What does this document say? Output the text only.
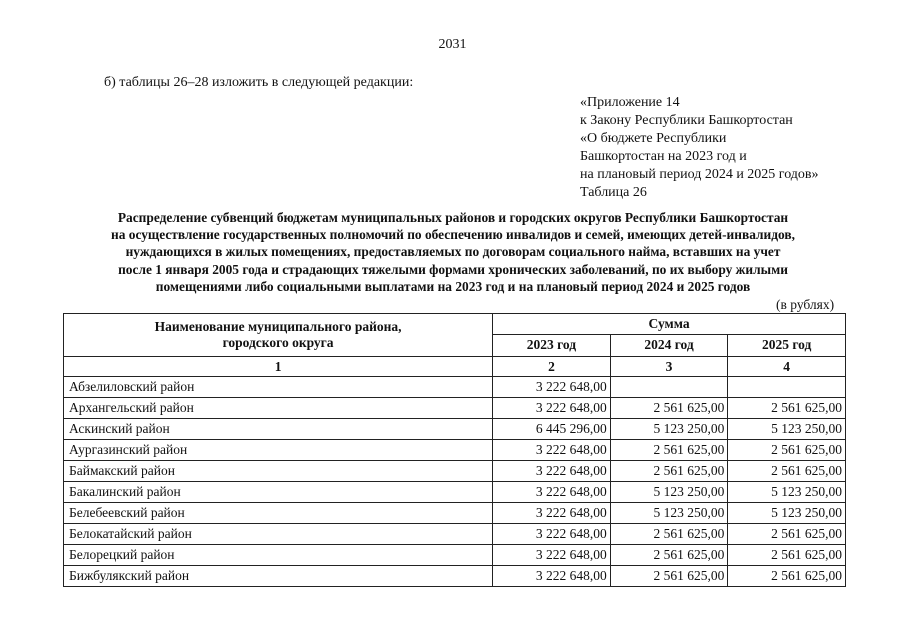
2031
б) таблицы 26–28 изложить в следующей редакции:
«Приложение 14
к Закону Республики Башкортостан
«О бюджете Республики
Башкортостан на 2023 год и
на плановый период 2024 и 2025 годов»
Таблица 26
Распределение субвенций бюджетам муниципальных районов и городских округов Республики Башкортостан
на осуществление государственных полномочий по обеспечению инвалидов и семей, имеющих детей-инвалидов,
нуждающихся в жилых помещениях, предоставляемых по договорам социального найма, вставших на учет
после 1 января 2005 года и страдающих тяжелыми формами хронических заболеваний, по их выбору жилыми
помещениями либо социальными выплатами на 2023 год и на плановый период 2024 и 2025 годов
(в рублях)
Наименование муниципального района,
городского округа	Сумма		
	2023 год	2024 год	2025 год
1	2	3	4
Абзелиловский район	3 222 648,00		
Архангельский район	3 222 648,00	2 561 625,00	2 561 625,00
Аскинский район	6 445 296,00	5 123 250,00	5 123 250,00
Аургазинский район	3 222 648,00	2 561 625,00	2 561 625,00
Баймакский район	3 222 648,00	2 561 625,00	2 561 625,00
Бакалинский район	3 222 648,00	5 123 250,00	5 123 250,00
Белебеевский район	3 222 648,00	5 123 250,00	5 123 250,00
Белокатайский район	3 222 648,00	2 561 625,00	2 561 625,00
Белорецкий район	3 222 648,00	2 561 625,00	2 561 625,00
Бижбулякский район	3 222 648,00	2 561 625,00	2 561 625,00
